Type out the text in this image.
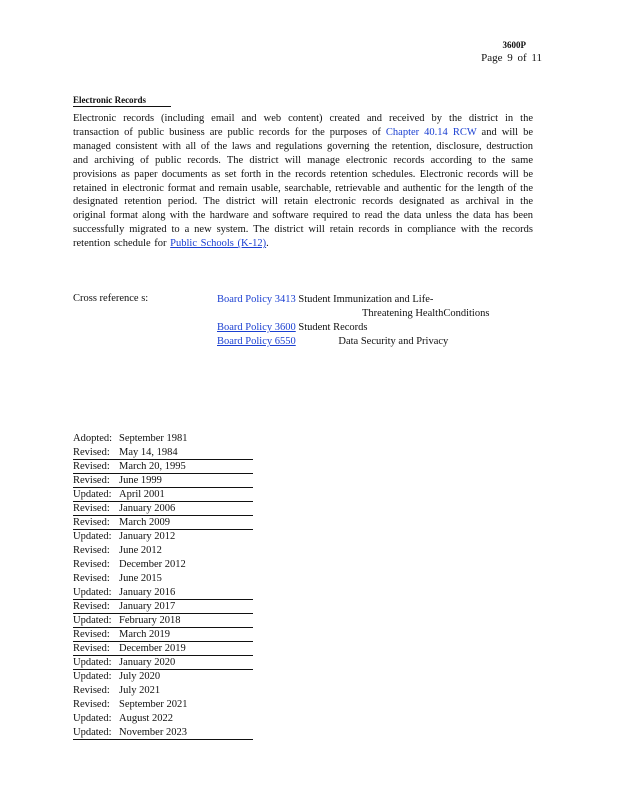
3600P
Page 9 of 11
Electronic Records
Electronic records (including email and web content) created and received by the district in the transaction of public business are public records for the purposes of Chapter 40.14 RCW and will be managed consistent with all of the laws and regulations governing the retention, disclosure, destruction and archiving of public records. The district will manage electronic records according to the same provisions as paper documents as set forth in the records retention schedules. Electronic records will be retained in electronic format and remain usable, searchable, retrievable and authentic for the length of the designated retention period. The district will retain electronic records designated as archival in the original format along with the hardware and software required to read the data unless the data has been successfully migrated to a new system. The district will retain records in compliance with the records retention schedule for Public Schools (K-12).
Cross reference s:	Board Policy 3413 Student Immunization and Life-
Threatening HealthConditions
Board Policy 3600 Student Records
Board Policy 6550	Data Security and Privacy
Adopted: September 1981
Revised: May 14, 1984
Revised: March 20, 1995
Revised: June 1999
Updated: April 2001
Revised: January 2006
Revised: March 2009
Updated: January 2012
Revised: June 2012
Revised: December 2012
Revised: June 2015
Updated: January 2016
Revised: January 2017
Updated: February 2018
Revised: March 2019
Revised: December 2019
Updated: January 2020
Updated: July 2020
Revised: July 2021
Revised: September 2021
Updated: August 2022
Updated: November 2023
